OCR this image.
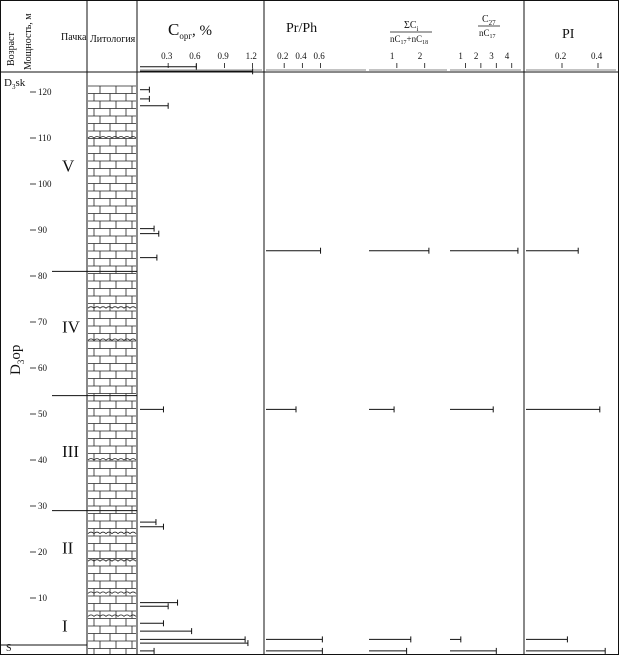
Возраст Мощность, м	Пачка Литология
$C_{орг}$, %	Pr/Ph	$\Sigma C_i$
$nC_{17}+nC_{18}$
$C_{27}$
$nC_{17}$	PI
$D_3sk$
$D_3op$
S
120
110
100
90
80
70
60
50
40
30
20
10
V
IV
III
II
I
0.3 0.6 0.9 1.2 0.2 0.4 0.6	1	2	1 2 3 4	0.2	0.4
